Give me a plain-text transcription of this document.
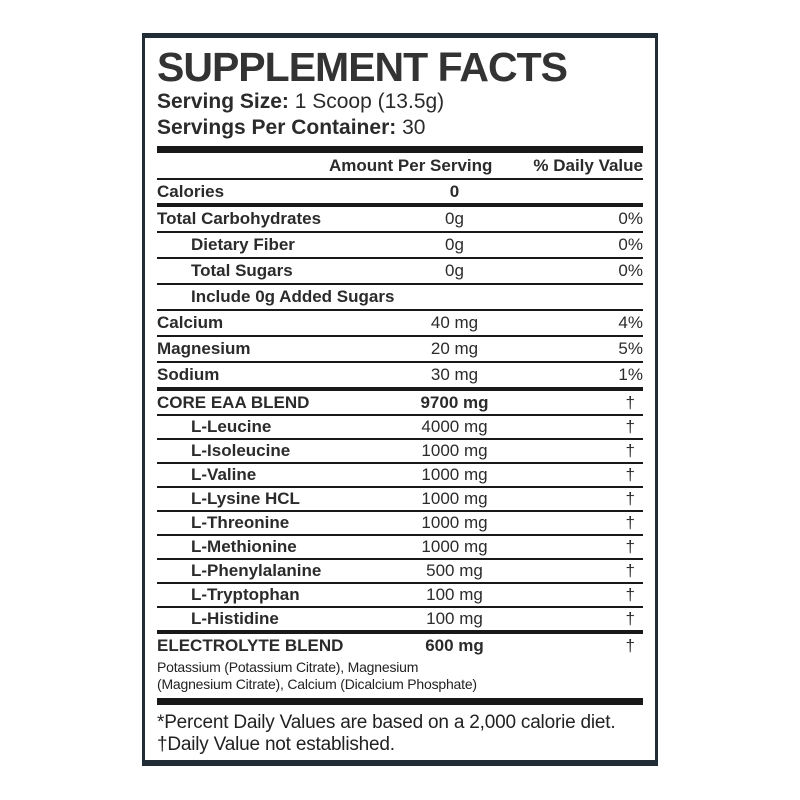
SUPPLEMENT FACTS
Serving Size: 1 Scoop (13.5g)
Servings Per Container: 30
Amount Per Serving % Daily Value
Calories	0
Total Carbohydrates	0g	0%
Dietary Fiber	0g	0%
Total Sugars	0g	0%
Include 0g Added Sugars
Calcium	40 mg	4%
Magnesium	20 mg	5%
Sodium	30 mg	1%
CORE EAA BLEND	9700 mg	†
L-Leucine	4000 mg	†
L-Isoleucine	1000 mg	†
L-Valine	1000 mg	†
L-Lysine HCL	1000 mg	†
L-Threonine	1000 mg	†
L-Methionine	1000 mg	†
L-Phenylalanine	500 mg	†
L-Tryptophan	100 mg	†
L-Histidine	100 mg	†
ELECTROLYTE BLEND	600 mg	†
Potassium (Potassium Citrate), Magnesium
(Magnesium Citrate), Calcium (Dicalcium Phosphate)
*Percent Daily Values are based on a 2,000 calorie diet.
†Daily Value not established.
